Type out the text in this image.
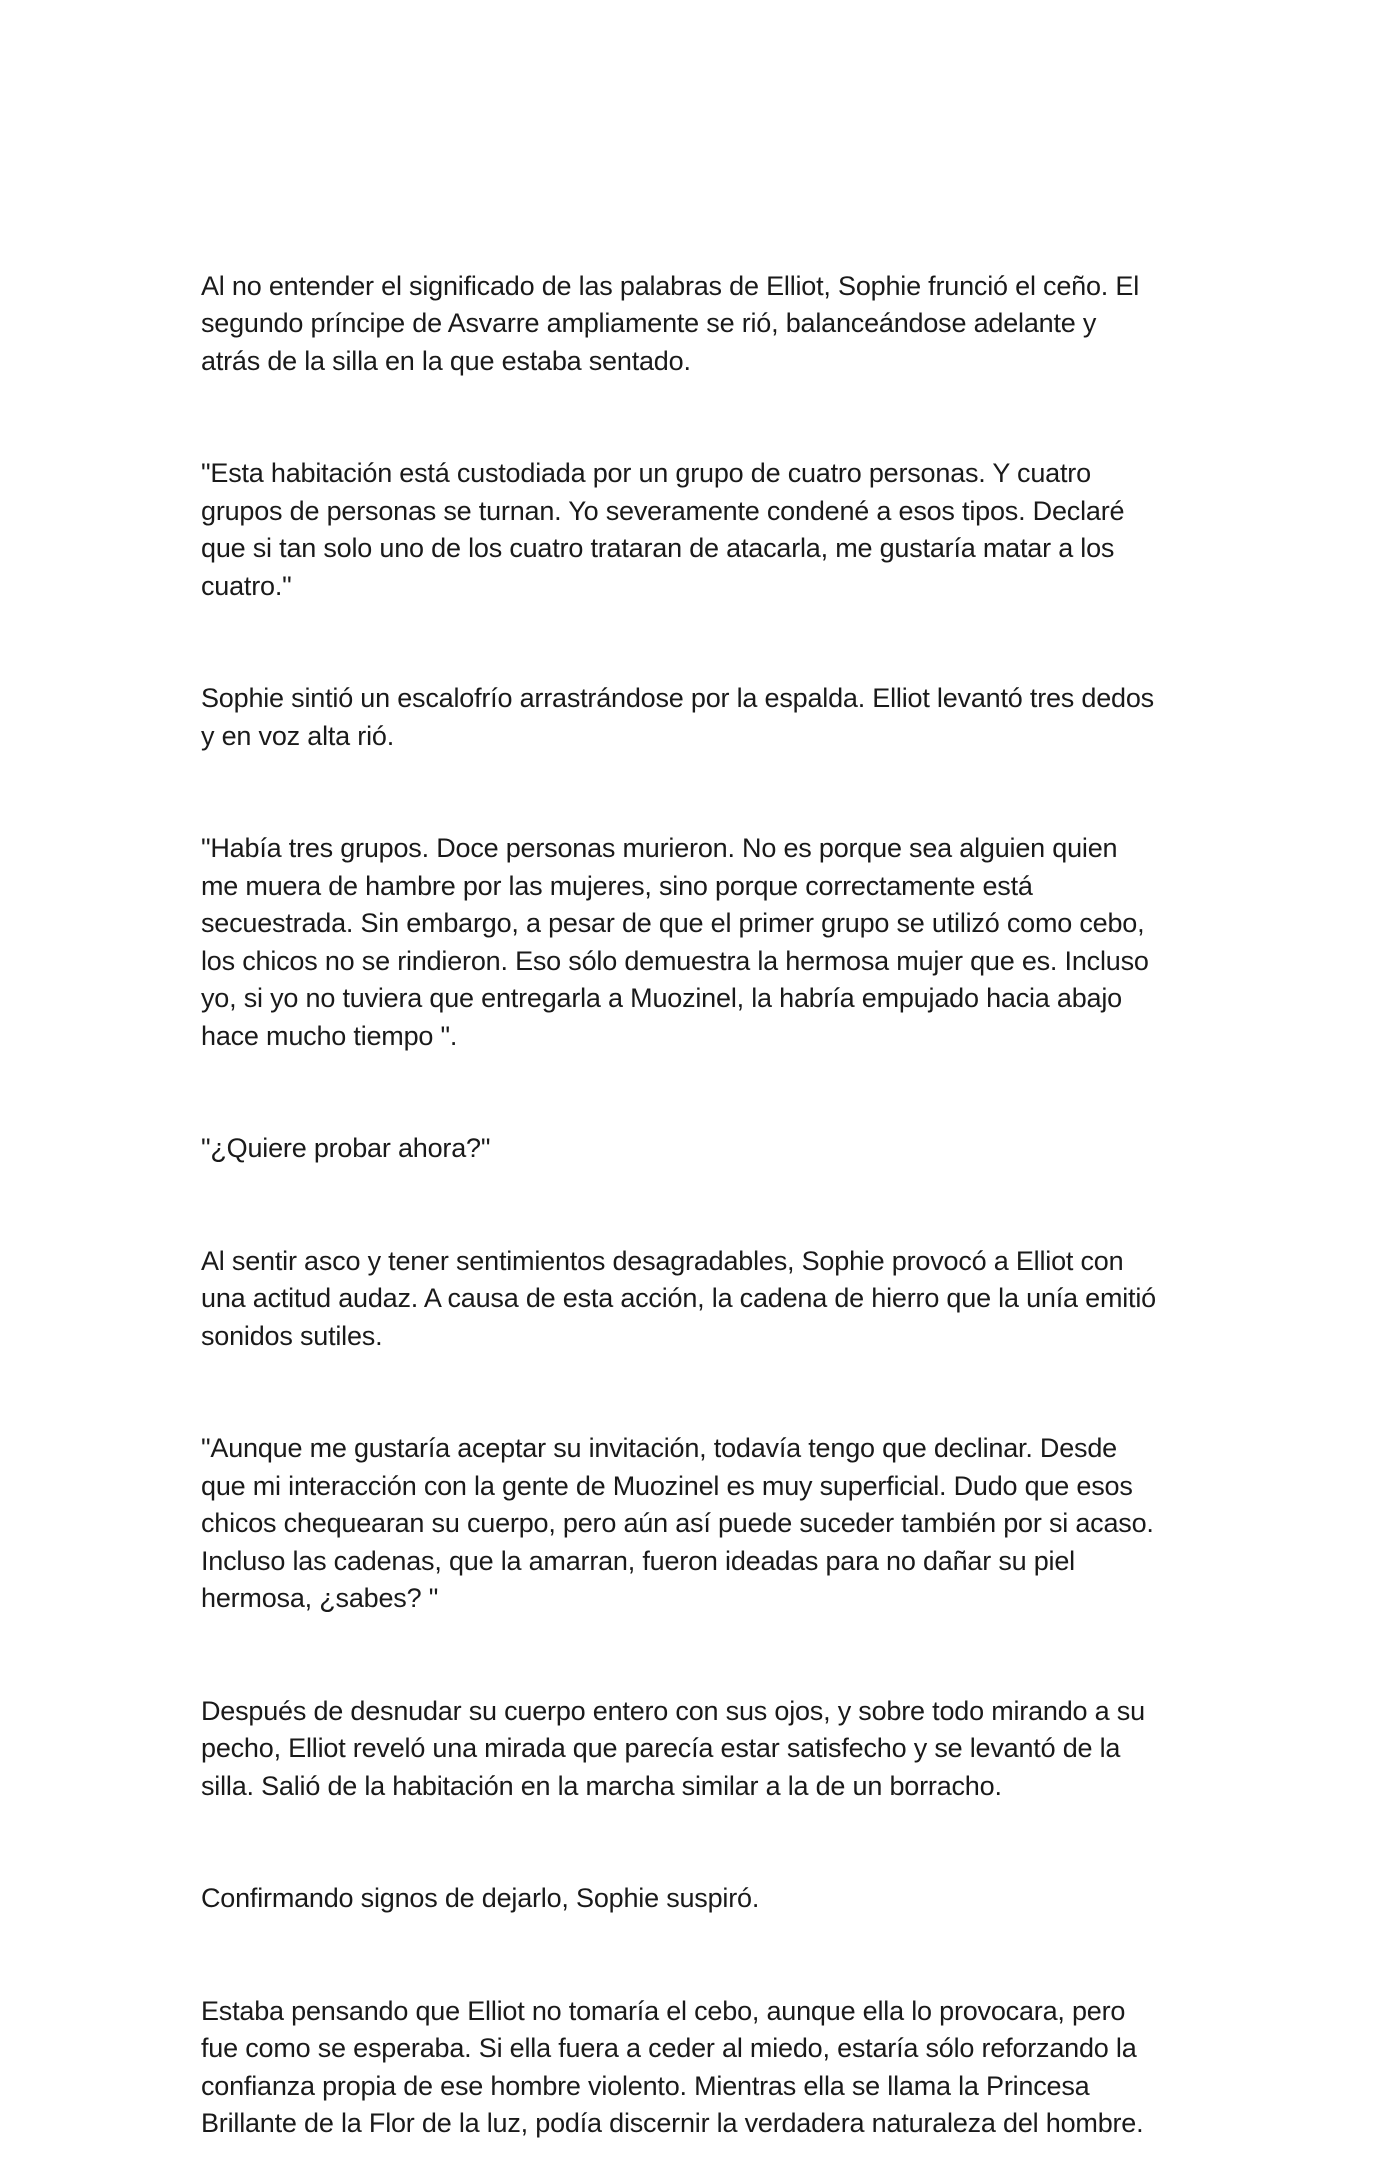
Al no entender el significado de las palabras de Elliot, Sophie frunció el ceño. El
segundo príncipe de Asvarre ampliamente se rió, balanceándose adelante y
atrás de la silla en la que estaba sentado.

"Esta habitación está custodiada por un grupo de cuatro personas. Y cuatro
grupos de personas se turnan. Yo severamente condené a esos tipos. Declaré
que si tan solo uno de los cuatro trataran de atacarla, me gustaría matar a los
cuatro."

Sophie sintió un escalofrío arrastrándose por la espalda. Elliot levantó tres dedos
y en voz alta rió.

"Había tres grupos. Doce personas murieron. No es porque sea alguien quien
me muera de hambre por las mujeres, sino porque correctamente está
secuestrada. Sin embargo, a pesar de que el primer grupo se utilizó como cebo,
los chicos no se rindieron. Eso sólo demuestra la hermosa mujer que es. Incluso
yo, si yo no tuviera que entregarla a Muozinel, la habría empujado hacia abajo
hace mucho tiempo ".

"¿Quiere probar ahora?"

Al sentir asco y tener sentimientos desagradables, Sophie provocó a Elliot con
una actitud audaz. A causa de esta acción, la cadena de hierro que la unía emitió
sonidos sutiles.

"Aunque me gustaría aceptar su invitación, todavía tengo que declinar. Desde
que mi interacción con la gente de Muozinel es muy superficial. Dudo que esos
chicos chequearan su cuerpo, pero aún así puede suceder también por si acaso.
Incluso las cadenas, que la amarran, fueron ideadas para no dañar su piel
hermosa, ¿sabes? "

Después de desnudar su cuerpo entero con sus ojos, y sobre todo mirando a su
pecho, Elliot reveló una mirada que parecía estar satisfecho y se levantó de la
silla. Salió de la habitación en la marcha similar a la de un borracho.

Confirmando signos de dejarlo, Sophie suspiró.

Estaba pensando que Elliot no tomaría el cebo, aunque ella lo provocara, pero
fue como se esperaba. Si ella fuera a ceder al miedo, estaría sólo reforzando la
confianza propia de ese hombre violento. Mientras ella se llama la Princesa
Brillante de la Flor de la luz, podía discernir la verdadera naturaleza del hombre.
